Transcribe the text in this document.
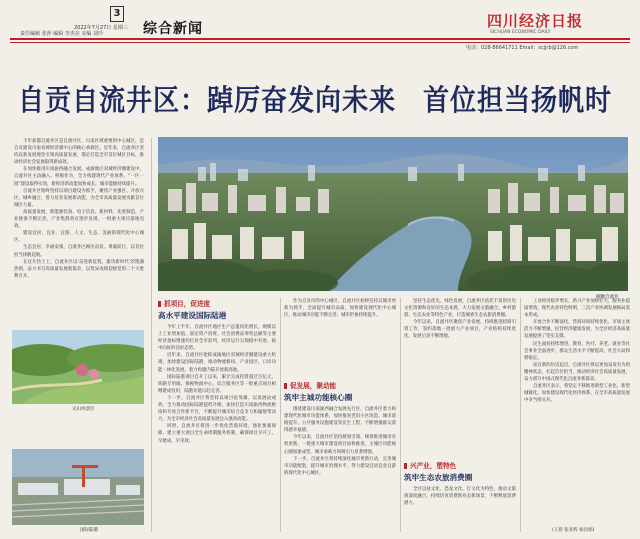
3
2022年7月27日 星期三
责任编辑 张萍 编辑 李杰亮 美编 刘玲	综合新闻	四川经济日报
SICHUAN ECONOMIC DAILY
电话：028-86641711 Email：scjjrb@126.com
自贡自流井区：踔厉奋发向未来 首位担当扬帆时

千年盐都自流井区是自流井区，川南区域重要的中心城区，是自贡建设川南省域经济副中心的核心承载区。近年来，自流井区坚持以新发展理念引领高质量发展，锚定打造全市首位城区目标，推动经济社会发展取得新成效。

在加快推进川南渝西融合发展、成渝地区双城经济圈建设中，自流井区主动融入、积极作为，全力构建现代产业体系，“一区一园”建设取得实效，新经济新动能加快成长，城市能级持续提升。

自流井区始终坚持以项目建设为抓手，聚焦产业强区、开放兴区、城乡融合，着力培育发展新动能，为全市高质量发展贡献首位城区力量。

高质量发展，新能源装备、电子信息、新材料、先进制造，产业链条不断完善，产业集群效应逐步显现，一批重大项目落地见效。

建设宜居、宜业、宜游、人文、生态、美丽的现代化中心城区。

生态宜居、幸福安康，自流井区踔厉奋发、勇毅前行，以首位担当扬帆起航。

在这片热土上，自流井区以‘奋进新征程、建功新时代’的饱满热情，奋力书写高质量发展新篇章，以优异成绩迎接党的二十大胜利召开。

俯瞰自流井
尖山风景区
国际陆港
抓项目，促进度
高水平建设国际陆港

今年上半年，自流井区地区生产总值同比增长，规模以上工业增加值、固定资产投资、社会消费品零售总额等主要经济指标增速均位居全市前列，经济运行呈现稳中有进、稳中向好的良好态势。

近年来，自流井区抢抓成渝地区双城经济圈建设重大机遇，加快建设国际陆港，推动物流枢纽、产业园区、口岸功能一体化发展，着力构建内陆开放新高地。

国际陆港项目自开工以来，累计完成投资超过百亿元，铁路专用线、保税物流中心、综合服务区等一批重点项目相继建成投用，陆港功能日趋完善。

下一步，自流井区将坚持以项目论英雄、以发展论成效，全力推动国际陆港提档升级，加快打造川南渝西物流枢纽和开放合作新平台，不断提升城市综合竞争力和辐射带动力，为全市经济社会高质量发展注入强劲动能。

同时，自流井区将进一步优化营商环境，强化要素保障，建立重大项目全生命周期服务机制，确保项目早开工、早建成、早见效。

作为自贡市的中心城区，自流井区始终坚持以城市更新为抓手，全面提升城市品质，加快建设现代化中心城区，推动城市功能不断完善、城市形象持续提升。

促发展，聚动能
筑牢主城功能核心圈

围绕建设川南渝西融合发展先行区，自流井区着力构建现代化城市功能体系，加快推进老旧小区改造、城市道路提升、公共服务设施建设等民生工程，不断增强群众获得感幸福感。

今年以来，自流井区坚持规划引领，统筹推进城市有机更新，一批重大城市建设项目加快推进，主城区功能核心圈加速成型，城市承载力和吸引力显著增强。

下一步，自流井区将持续深化城市更新行动，完善城市功能配套，提升城市治理水平，努力建设宜居宜业宜游的现代化中心城区。

坚持生态优先、绿色发展，自流井区依托丰富的历史文化资源和良好的生态本底，大力发展文旅融合、乡村旅游、生态农业等特色产业，打造城郊生态农旅消费圈。

今年以来，自流井区聚焦产业发展，持续推进招商引资工作，签约落地一批重大产业项目，产业结构持续优化，发展后劲不断增强。

兴产业，塑特色
筑牢生态农旅消费圈

全区以盐文化、恐龙文化、灯文化为特色，推动文旅商深度融合，持续培育消费新业态新场景，不断释放消费潜力。

工业经济稳步增长，新兴产业加快壮大，服务业提质增效，现代农业特色鲜明，三次产业协调发展格局基本形成。

开放合作不断深化，营商环境持续优化，市场主体活力不断增强，民营经济健康发展，为全区经济高质量发展提供了坚实支撑。

民生福祉持续增进，教育、医疗、养老、就业等社会事业全面进步，群众生活水平不断提高，社会大局和谐稳定。

站在新的历史起点，自流井区将以更加奋发有为的精神状态，扛起首位担当，推动经济社会高质量发展，奋力谱写中国式现代化自流井新篇章。

自流井区表示，将坚定不移推进新型工业化、新型城镇化，加快建设现代化经济体系，在全市高质量发展中争当排头兵。

(王晨 张亚辉 杨昌娟)
